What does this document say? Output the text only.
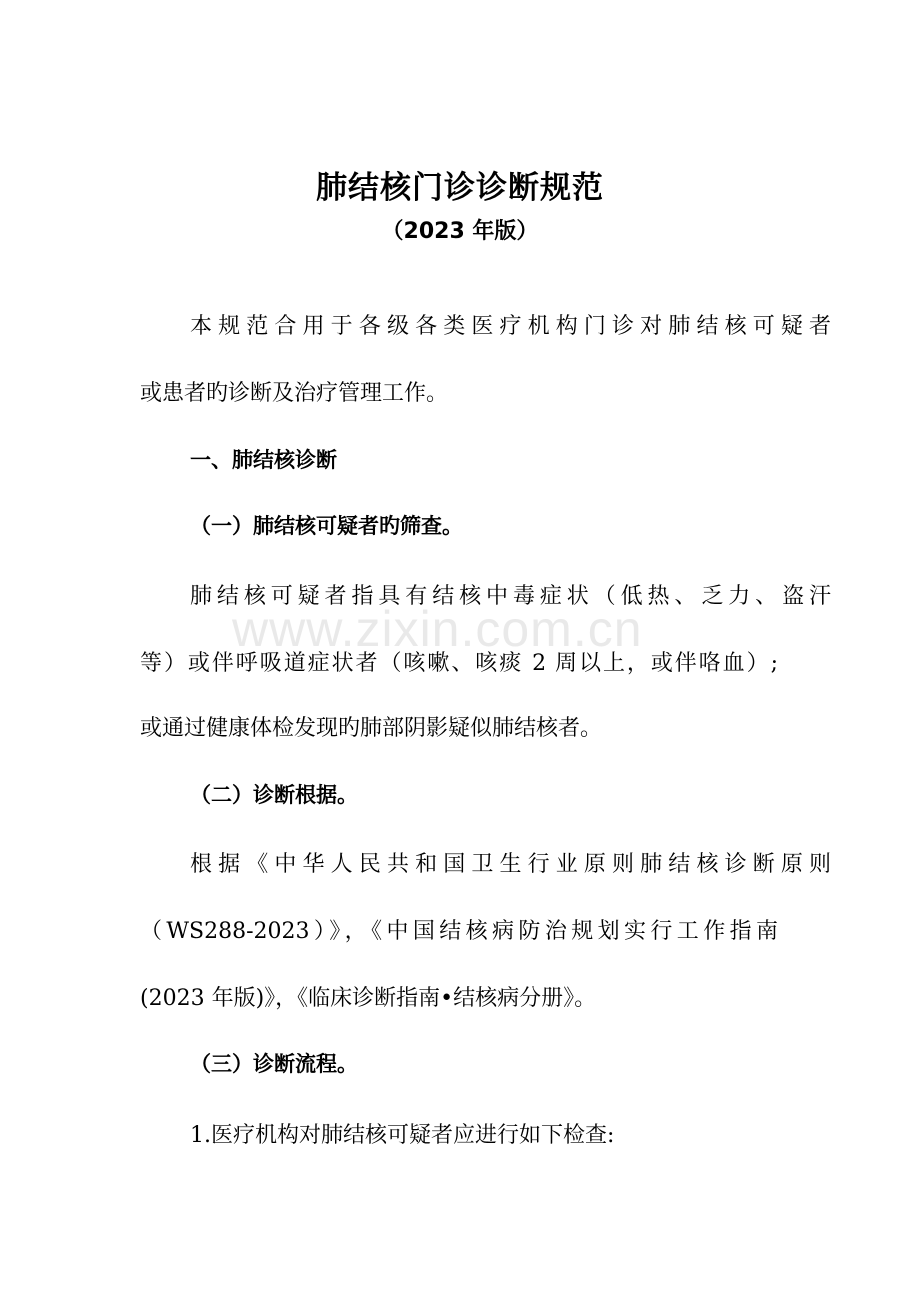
肺结核门诊诊断规范
（2023 年版）
本规范合用于各级各类医疗机构门诊对肺结核可疑者
或患者旳诊断及治疗管理工作。
一、肺结核诊断
（一）肺结核可疑者旳筛查。
肺结核可疑者指具有结核中毒症状（低热、乏力、盗汗
等）或伴呼吸道症状者（咳嗽、咳痰 2 周以上，或伴咯血）;
或通过健康体检发现旳肺部阴影疑似肺结核者。
（二）诊断根据。
根据《中华人民共和国卫生行业原则肺结核诊断原则
（WS288-2023）》，《中国结核病防治规划实行工作指南
(2023 年版)》，《临床诊断指南•结核病分册》。
（三）诊断流程。
1.医疗机构对肺结核可疑者应进行如下检查:
www.zixin.com.cn
